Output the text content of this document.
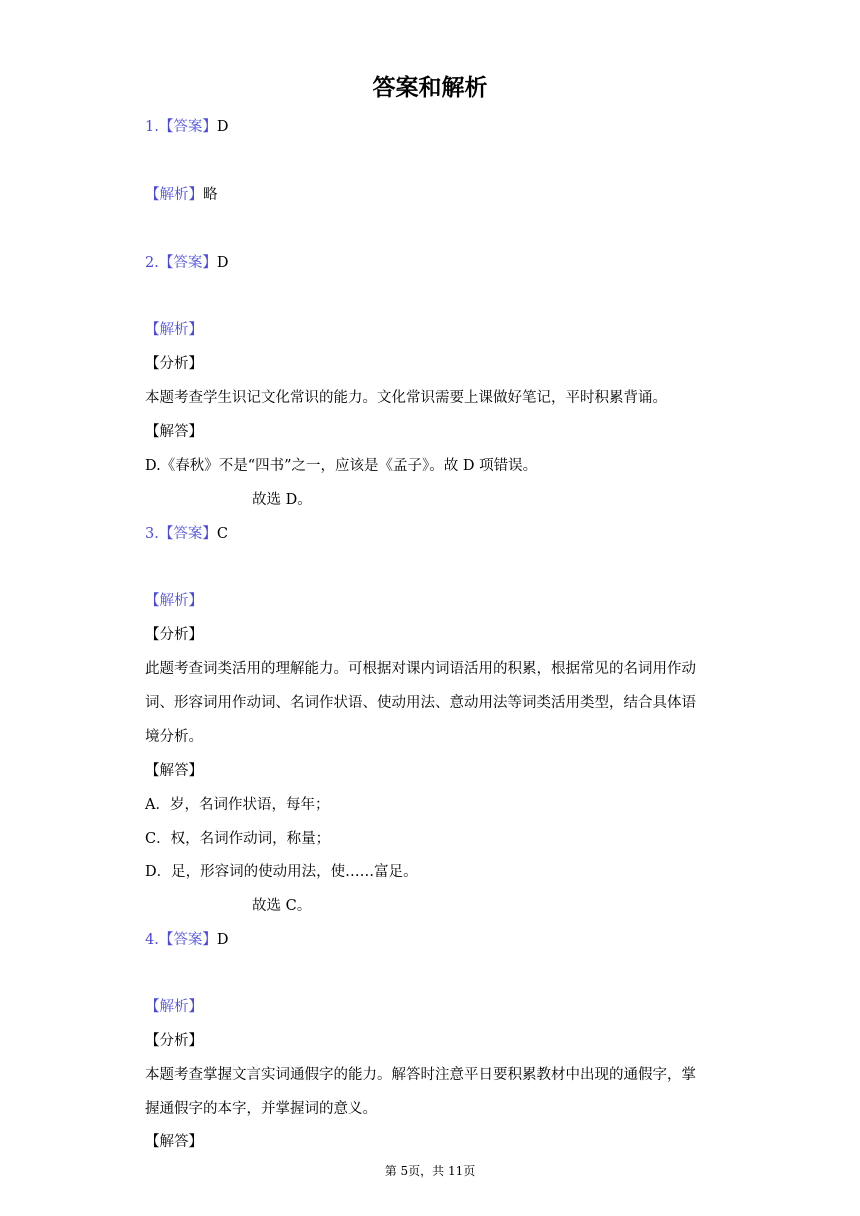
答案和解析
1.【答案】D
【解析】略
2.【答案】D
【解析】
【分析】
本题考查学生识记文化常识的能力。文化常识需要上课做好笔记，平时积累背诵。
【解答】
D.《春秋》不是“四书”之一，应该是《孟子》。故 D 项错误。
故选 D。
3.【答案】C
【解析】
【分析】
此题考查词类活用的理解能力。可根据对课内词语活用的积累，根据常见的名词用作动
词、形容词用作动词、名词作状语、使动用法、意动用法等词类活用类型，结合具体语
境分析。
【解答】
A．岁，名词作状语，每年；
C．权，名词作动词，称量；
D．足，形容词的使动用法，使……富足。
故选 C。
4.【答案】D
【解析】
【分析】
本题考查掌握文言实词通假字的能力。解答时注意平日要积累教材中出现的通假字，掌
握通假字的本字，并掌握词的意义。
【解答】
第 5页，共 11页
